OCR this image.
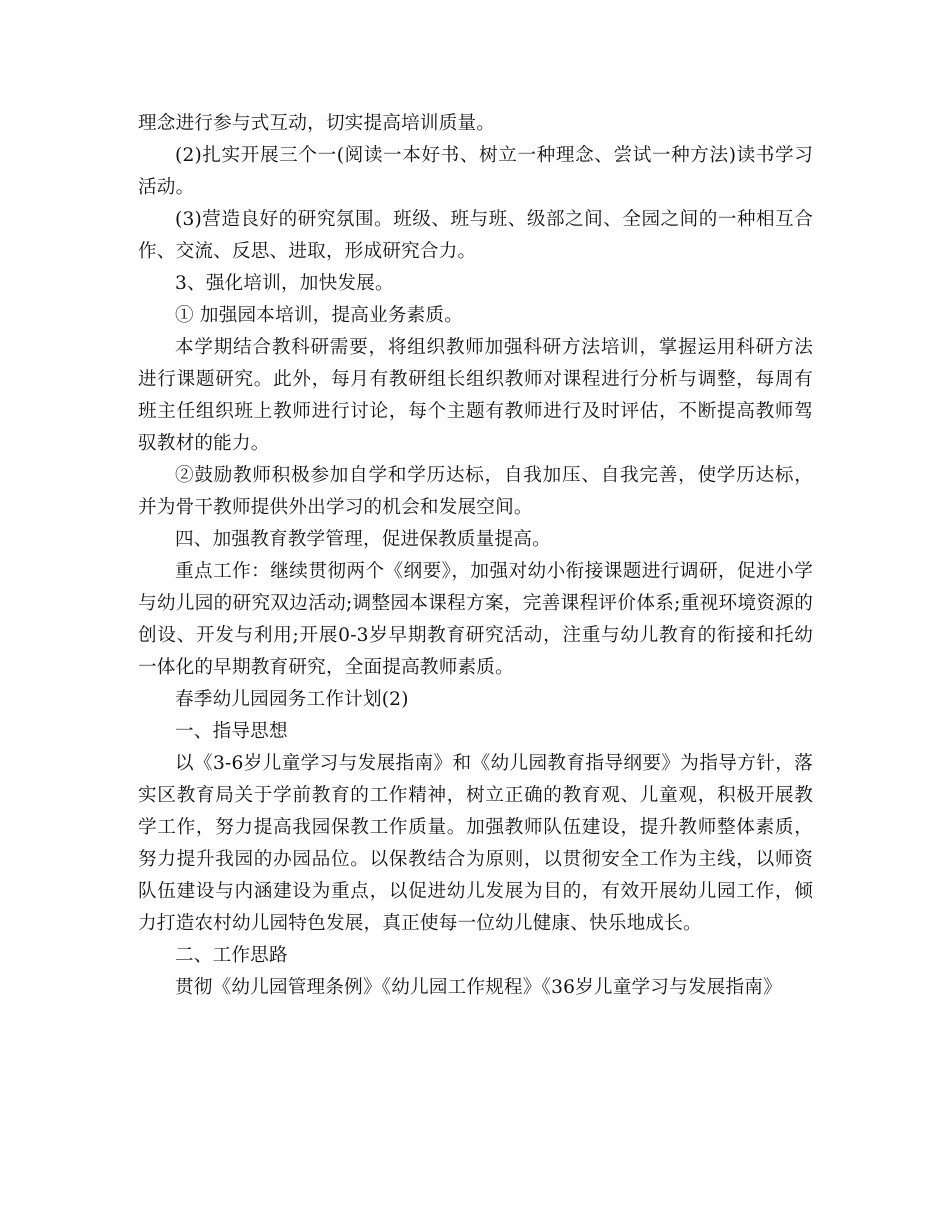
理念进行参与式互动，切实提高培训质量。

(2)扎实开展三个一(阅读一本好书、树立一种理念、尝试一种方法)读书学习活动。

(3)营造良好的研究氛围。班级、班与班、级部之间、全园之间的一种相互合作、交流、反思、进取，形成研究合力。

3、强化培训，加快发展。

① 加强园本培训，提高业务素质。

本学期结合教科研需要，将组织教师加强科研方法培训，掌握运用科研方法进行课题研究。此外，每月有教研组长组织教师对课程进行分析与调整，每周有班主任组织班上教师进行讨论，每个主题有教师进行及时评估，不断提高教师驾驭教材的能力。

②鼓励教师积极参加自学和学历达标，自我加压、自我完善，使学历达标，并为骨干教师提供外出学习的机会和发展空间。

四、加强教育教学管理，促进保教质量提高。

重点工作：继续贯彻两个《纲要》，加强对幼小衔接课题进行调研，促进小学与幼儿园的研究双边活动;调整园本课程方案，完善课程评价体系;重视环境资源的创设、开发与利用;开展0-3岁早期教育研究活动，注重与幼儿教育的衔接和托幼一体化的早期教育研究，全面提高教师素质。

春季幼儿园园务工作计划(2)

一、指导思想

以《3-6岁儿童学习与发展指南》和《幼儿园教育指导纲要》为指导方针，落实区教育局关于学前教育的工作精神，树立正确的教育观、儿童观，积极开展教学工作，努力提高我园保教工作质量。加强教师队伍建设，提升教师整体素质，努力提升我园的办园品位。以保教结合为原则，以贯彻安全工作为主线，以师资队伍建设与内涵建设为重点，以促进幼儿发展为目的，有效开展幼儿园工作，倾力打造农村幼儿园特色发展，真正使每一位幼儿健康、快乐地成长。

二、工作思路

贯彻《幼儿园管理条例》《幼儿园工作规程》《36岁儿童学习与发展指南》
